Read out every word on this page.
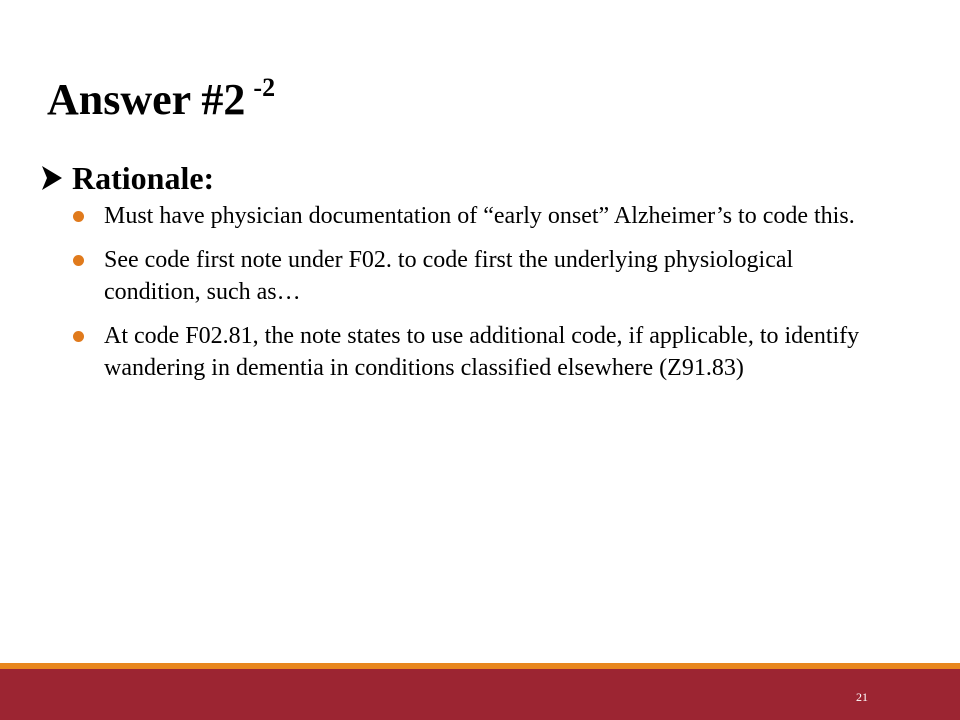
Answer #2 $^{-2}$
Rationale:
Must have physician documentation of “early onset” Alzheimer’s to code this.
See code first note under F02. to code first the underlying physiological condition, such as…
At code F02.81, the note states to use additional code, if applicable, to identify wandering in dementia in conditions classified elsewhere (Z91.83)
21
